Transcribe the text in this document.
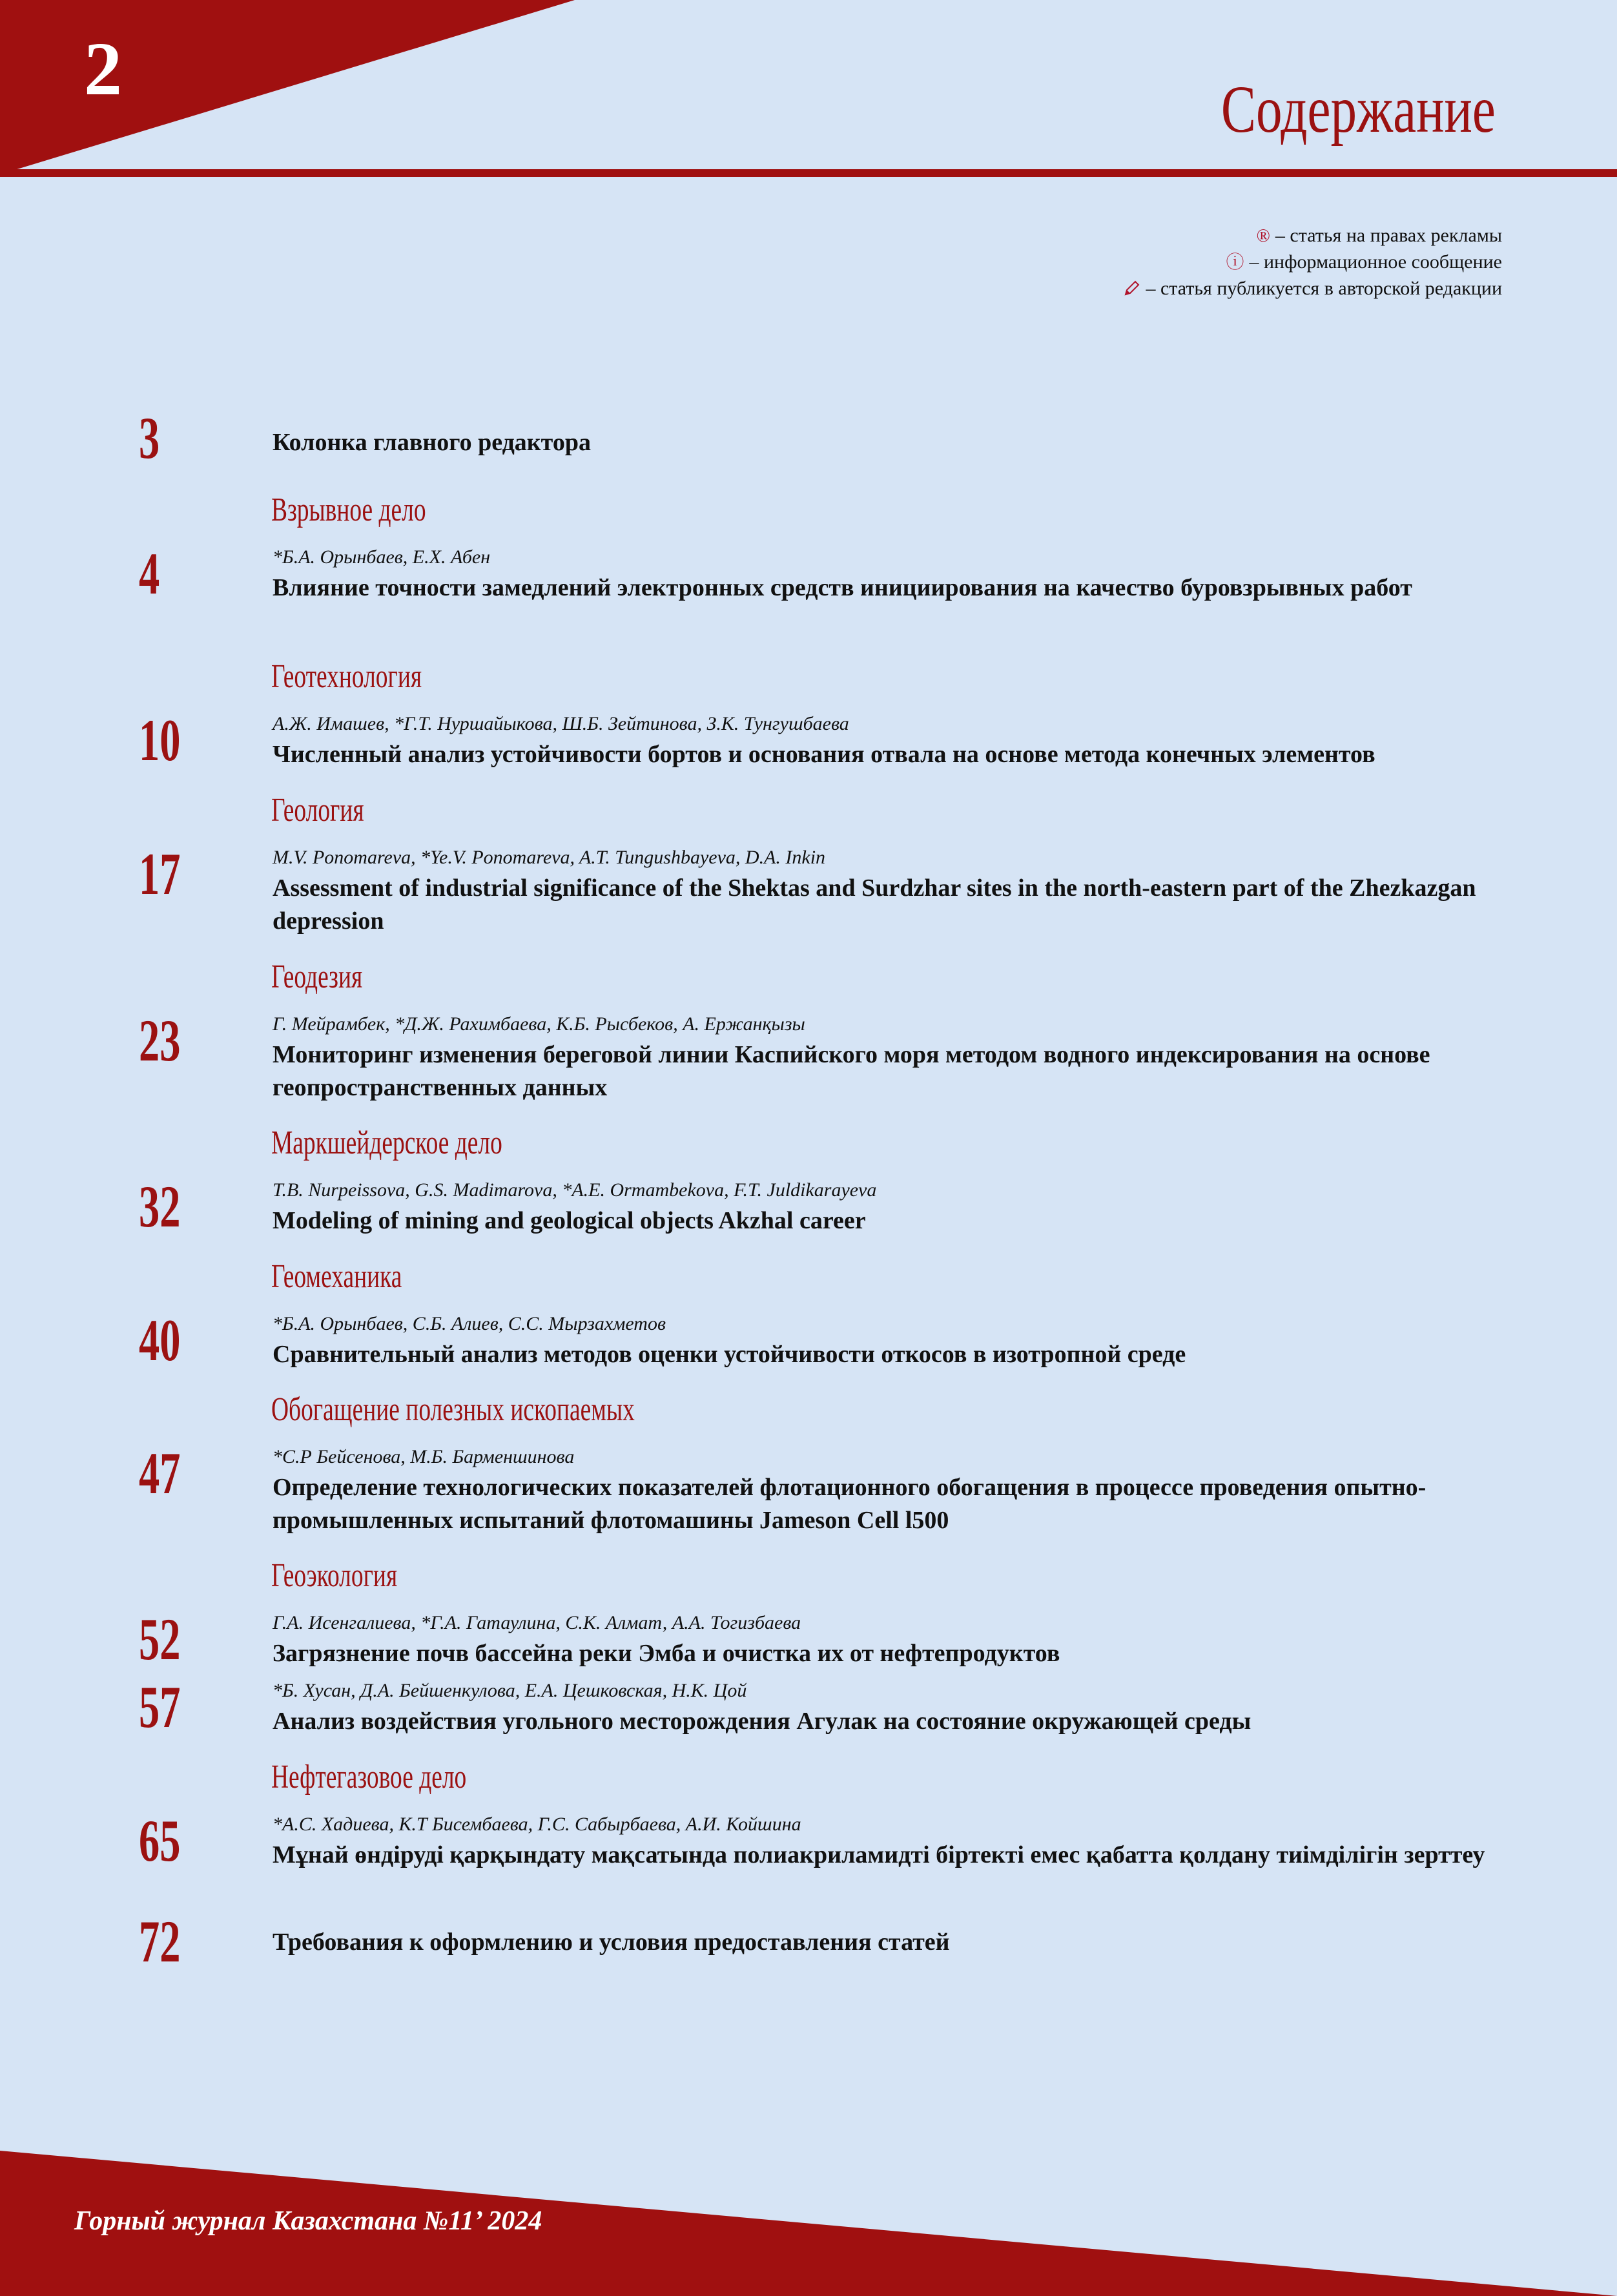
2	Содержание
® – статья на правах рекламы
ⓘ – информационное сообщение
– статья публикуется в авторской редакции
3	Колонка главного редактора
Взрывное дело
4	*Б.А. Орынбаев, Е.Х. Абен
Влияние точности замедлений электронных средств инициирования на качество буровзрывных работ
Геотехнология
10	А.Ж. Имашев, *Г.Т. Нуршайыкова, Ш.Б. Зейтинова, З.К. Тунгушбаева
Численный анализ устойчивости бортов и основания отвала на основе метода конечных элементов
Геология
17	M.V. Ponomareva, *Ye.V. Ponomareva, A.T. Tungushbayeva, D.A. Inkin
Assessment of industrial significance of the Shektas and Surdzhar sites in the north-eastern part of the Zhezkazgan depression
Геодезия
23	Г. Мейрамбек, *Д.Ж. Рахимбаева, К.Б. Рысбеков, А. Ержанқызы
Мониторинг изменения береговой линии Каспийского моря методом водного индексирования на основе геопространственных данных
Маркшейдерское дело
32	T.B. Nurpeissova, G.S. Madimarova, *A.E. Ormambekova, F.T. Juldikarayeva
Modeling of mining and geological objects Akzhal career
Геомеханика
40	*Б.А. Орынбаев, С.Б. Алиев, С.С. Мырзахметов
Сравнительный анализ методов оценки устойчивости откосов в изотропной среде
Обогащение полезных ископаемых
47	*С.Р Бейсенова, М.Б. Барменшинова
Определение технологических показателей флотационного обогащения в процессе проведения опытно-промышленных испытаний флотомашины Jameson Cell l500
Геоэкология
52	Г.А. Исенгалиева, *Г.А. Гатаулина, С.К. Алмат, А.А. Тогизбаева
Загрязнение почв бассейна реки Эмба и очистка их от нефтепродуктов
57	*Б. Хусан, Д.А. Бейшенкулова, Е.А. Цешковская, Н.К. Цой
Анализ воздействия угольного месторождения Агулак на состояние окружающей среды
Нефтегазовое дело
65	*А.С. Хадиева, К.Т Бисембаева, Г.С. Сабырбаева, А.И. Койшина
Мұнай өндіруді қарқындату мақсатында полиакриламидті біртекті емес қабатта қолдану тиімділігін зерттеу
72	Требования к оформлению и условия предоставления статей
Горный журнал Казахстана №11’ 2024
